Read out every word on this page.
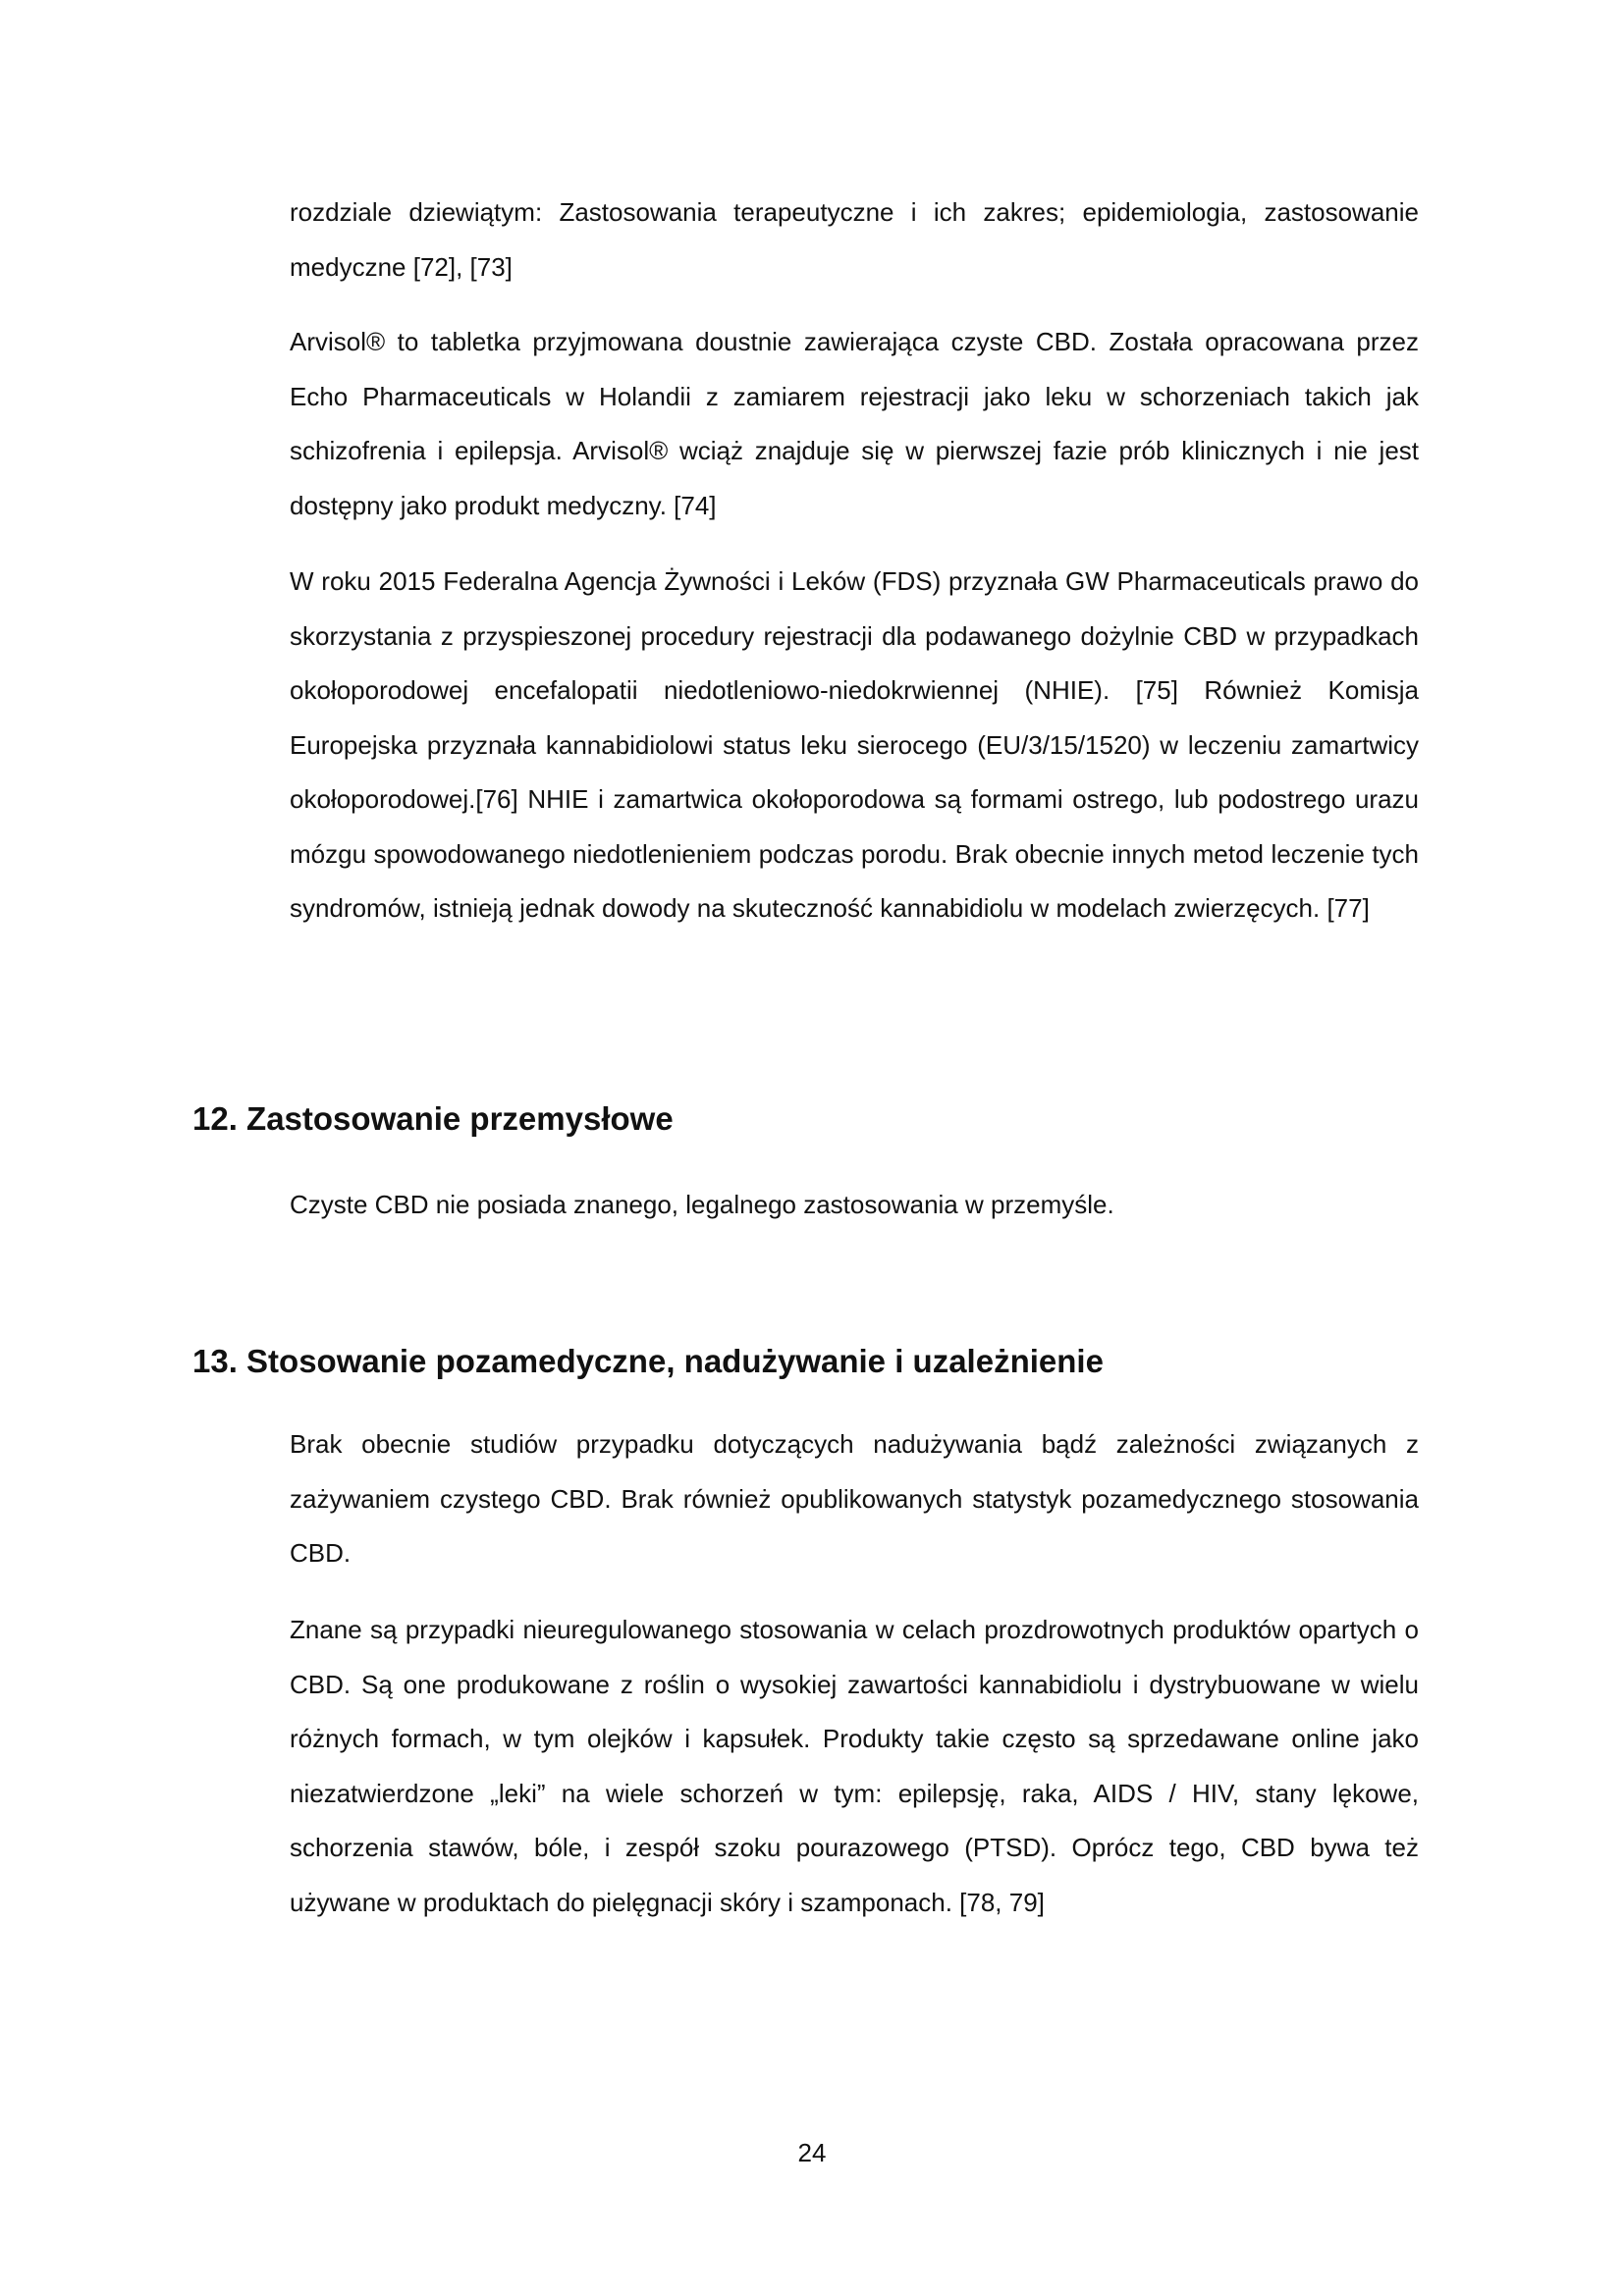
rozdziale dziewiątym: Zastosowania terapeutyczne i ich zakres; epidemiologia, zastosowanie medyczne [72], [73]

Arvisol® to tabletka przyjmowana doustnie zawierająca czyste CBD. Została opracowana przez Echo Pharmaceuticals w Holandii z zamiarem rejestracji jako leku w schorzeniach takich jak schizofrenia i epilepsja. Arvisol® wciąż znajduje się w pierwszej fazie prób klinicznych i nie jest dostępny jako produkt medyczny. [74]

W roku 2015 Federalna Agencja Żywności i Leków (FDS) przyznała GW Pharmaceuticals prawo do skorzystania z przyspieszonej procedury rejestracji dla podawanego dożylnie CBD w przypadkach okołoporodowej encefalopatii niedotleniowo-niedokrwiennej (NHIE). [75] Również Komisja Europejska przyznała kannabidiolowi status leku sierocego (EU/3/15/1520) w leczeniu zamartwicy okołoporodowej.[76] NHIE i zamartwica okołoporodowa są formami ostrego, lub podostrego urazu mózgu spowodowanego niedotlenieniem podczas porodu. Brak obecnie innych metod leczenie tych syndromów, istnieją jednak dowody na skuteczność kannabidiolu w modelach zwierzęcych. [77]

12. Zastosowanie przemysłowe

Czyste CBD nie posiada znanego, legalnego zastosowania w przemyśle.

13. Stosowanie pozamedyczne, nadużywanie i uzależnienie

Brak obecnie studiów przypadku dotyczących nadużywania bądź zależności związanych z zażywaniem czystego CBD. Brak również opublikowanych statystyk pozamedycznego stosowania CBD.

Znane są przypadki nieuregulowanego stosowania w celach prozdrowotnych produktów opartych o CBD. Są one produkowane z roślin o wysokiej zawartości kannabidiolu i dystrybuowane w wielu różnych formach, w tym olejków i kapsułek. Produkty takie często są sprzedawane online jako niezatwierdzone „leki” na wiele schorzeń w tym: epilepsję, raka, AIDS / HIV, stany lękowe, schorzenia stawów, bóle, i zespół szoku pourazowego (PTSD). Oprócz tego, CBD bywa też używane w produktach do pielęgnacji skóry i szamponach. [78, 79]

24
